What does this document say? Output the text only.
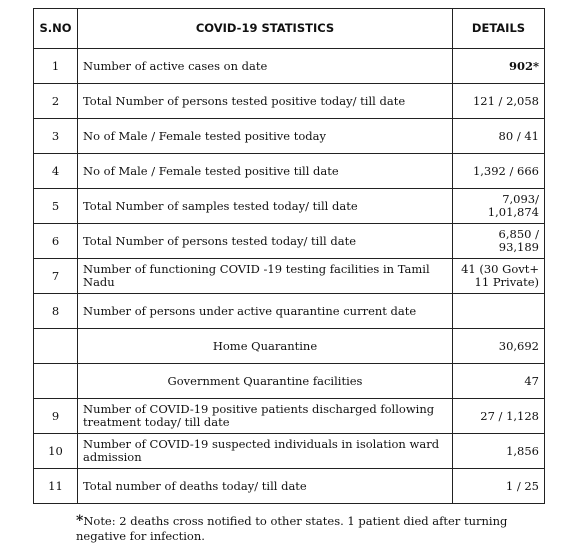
S.NO	COVID-19 STATISTICS	DETAILS
1	Number of active cases on date	902*
2	Total Number of persons tested positive today/ till date	121 / 2,058
3	No of Male / Female tested positive today	80 / 41
4	No of Male / Female tested positive till date	1,392 / 666
5	Total Number of samples tested today/ till date	7,093/
1,01,874
6	Total Number of persons tested today/ till date	6,850 /
93,189
7	Number of functioning COVID -19 testing facilities in Tamil Nadu	41 (30 Govt+
11 Private)
8	Number of persons under active quarantine current date	
	Home Quarantine	30,692
	Government Quarantine facilities	47
9	Number of COVID-19 positive patients discharged following treatment today/ till date	27 / 1,128
10	Number of COVID-19 suspected individuals in isolation ward admission	1,856
11	Total number of deaths today/ till date	1 / 25
*Note: 2 deaths cross notified to other states. 1 patient died after turning negative for infection.
